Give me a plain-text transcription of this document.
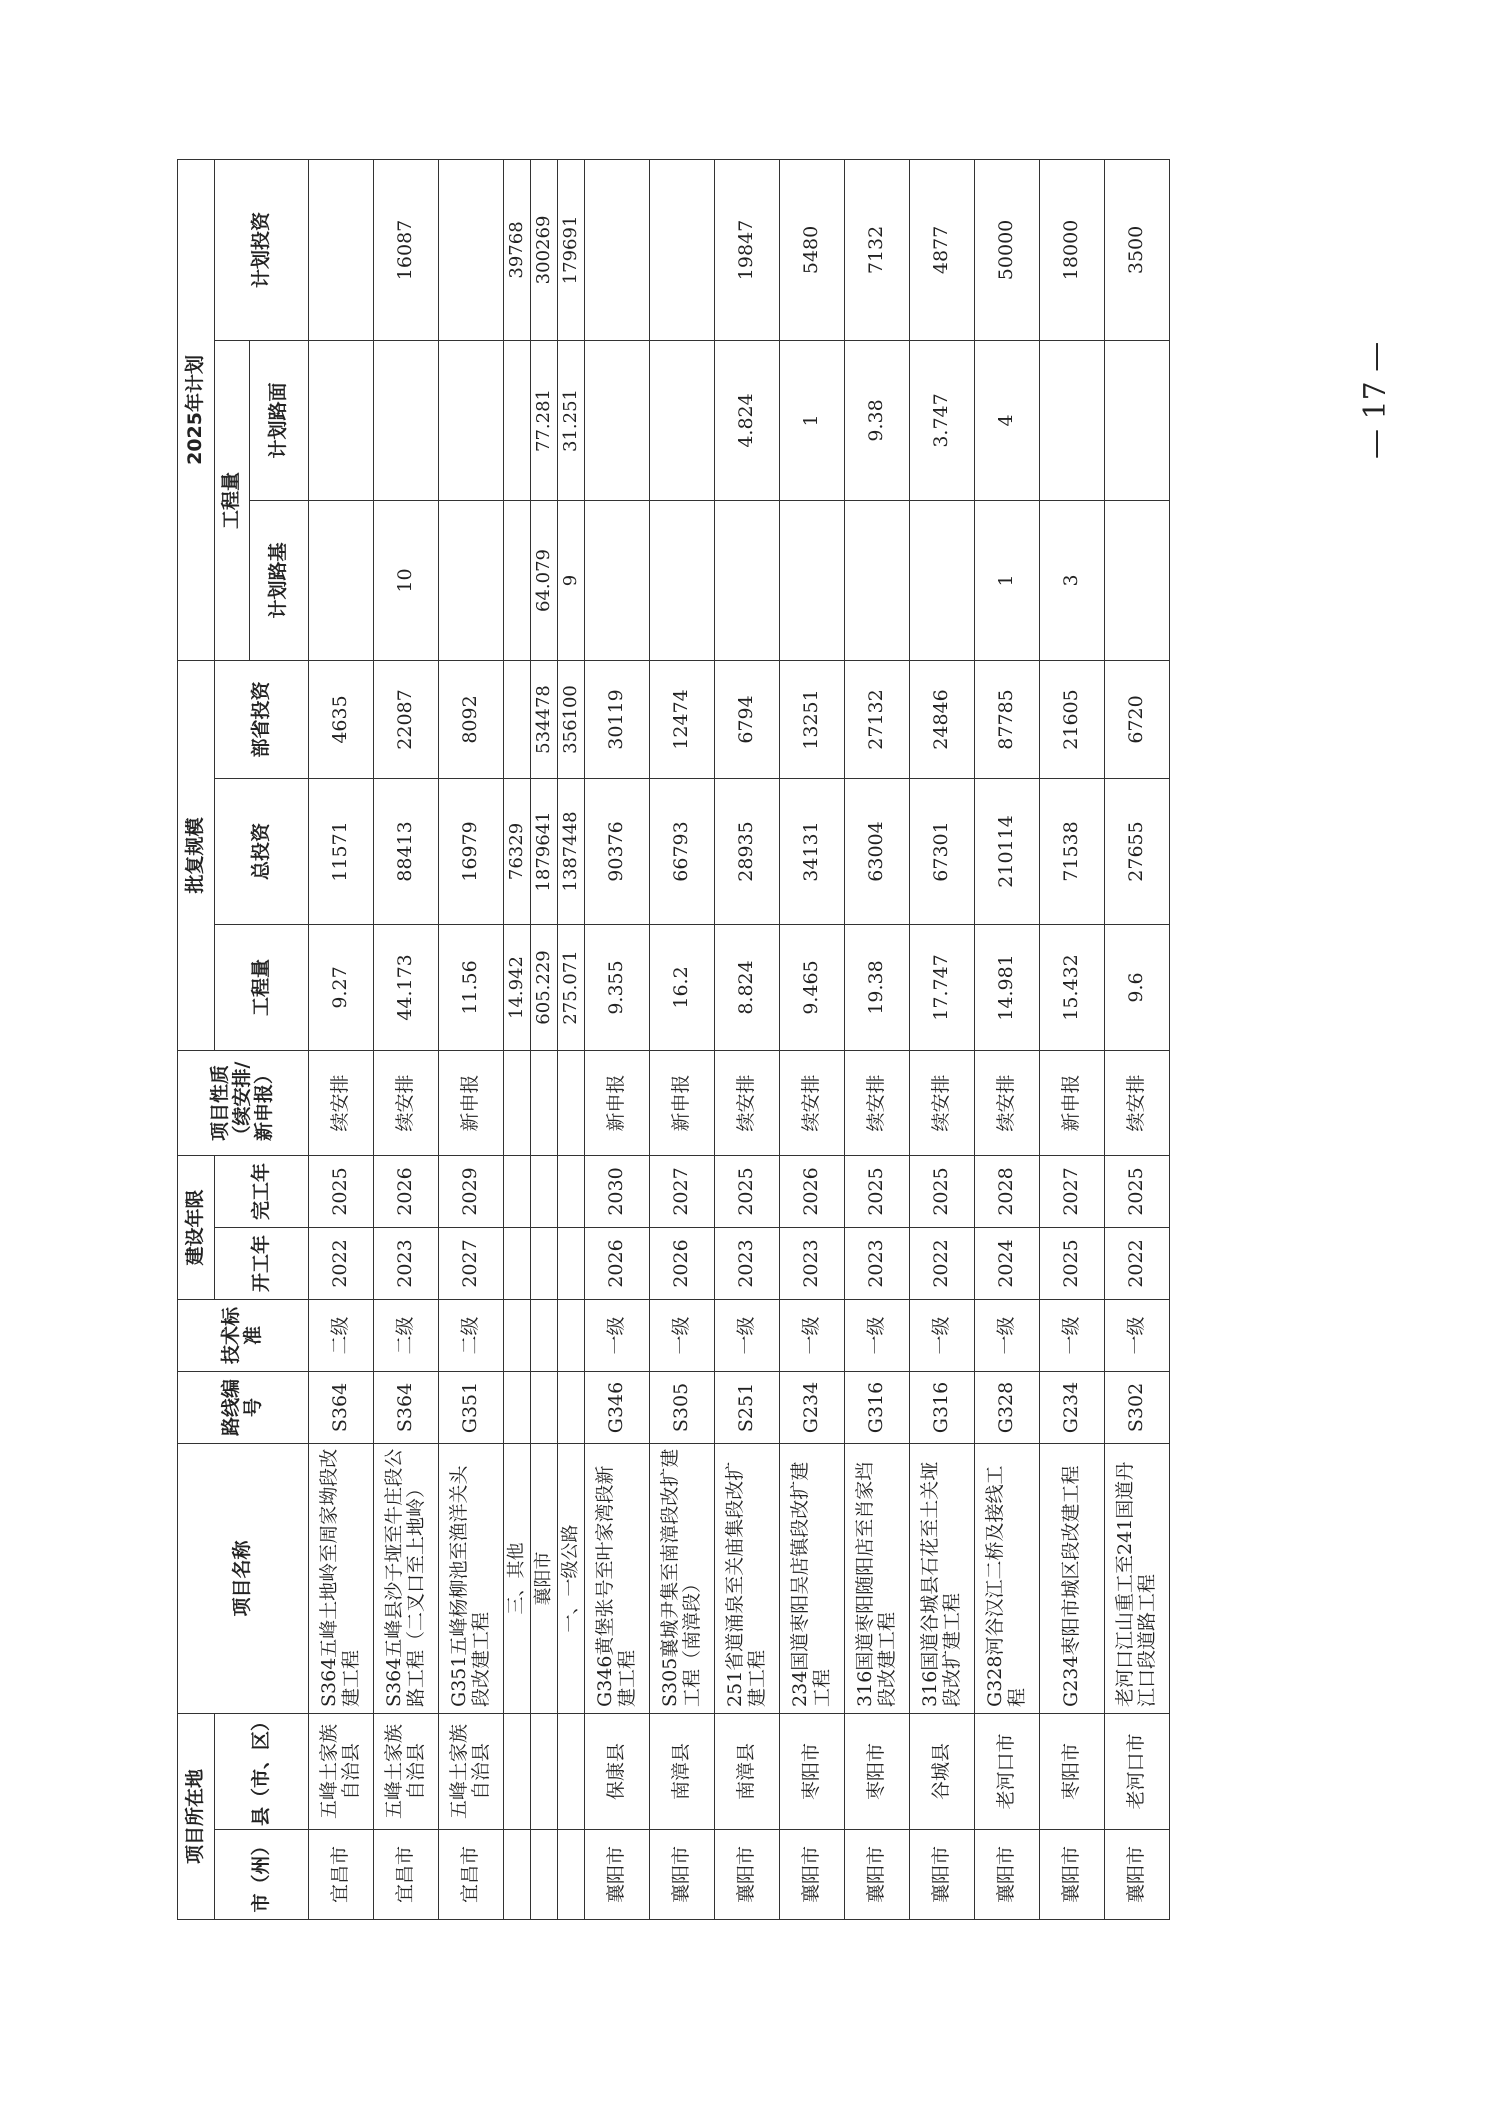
项目所在地		项目名称	路线编号	技术标准	建设年限		项目性质（续安排/新申报）	批复规模			2025年计划		
市（州）	县（市、区）				开工年	完工年		工程量	总投资	部省投资	工程量		计划投资
											计划路基	计划路面	
宜昌市	五峰土家族自治县	S364五峰土地岭至周家坳段改建工程	S364	二级	2022	2025	续安排	9.27	11571	4635			
宜昌市	五峰土家族自治县	S364五峰县沙子垭至牛庄段公路工程（二叉口至上地岭）	S364	二级	2023	2026	续安排	44.173	88413	22087	10		16087
宜昌市	五峰土家族自治县	G351五峰杨柳池至渔洋关头段改建工程	G351	二级	2027	2029	新申报	11.56	16979	8092			
		三、其他						14.942	76329				39768
		襄阳市						605.229	1879641	534478	64.079	77.281	300269
		一、一级公路						275.071	1387448	356100	9	31.251	179691
襄阳市	保康县	G346黄堡张号至叶家湾段新建工程	G346	一级	2026	2030	新申报	9.355	90376	30119			
襄阳市	南漳县	S305襄城尹集至南漳段改扩建工程（南漳段）	S305	一级	2026	2027	新申报	16.2	66793	12474			
襄阳市	南漳县	251省道涌泉至关庙集段改扩建工程	S251	一级	2023	2025	续安排	8.824	28935	6794		4.824	19847
襄阳市	枣阳市	234国道枣阳吴店镇段改扩建工程	G234	一级	2023	2026	续安排	9.465	34131	13251		1	5480
襄阳市	枣阳市	316国道枣阳随阳店至肖家垱段改建工程	G316	一级	2023	2025	续安排	19.38	63004	27132		9.38	7132
襄阳市	谷城县	316国道谷城县石花至土关垭段改扩建工程	G316	一级	2022	2025	续安排	17.747	67301	24846		3.747	4877
襄阳市	老河口市	G328河谷汉江二桥及接线工程	G328	一级	2024	2028	续安排	14.981	210114	87785	1	4	50000
襄阳市	枣阳市	G234枣阳市城区段改建工程	G234	一级	2025	2027	新申报	15.432	71538	21605	3		18000
襄阳市	老河口市	老河口江山重工至241国道丹江口段道路工程	S302	一级	2022	2025	续安排	9.6	27655	6720			3500
— 17 —
